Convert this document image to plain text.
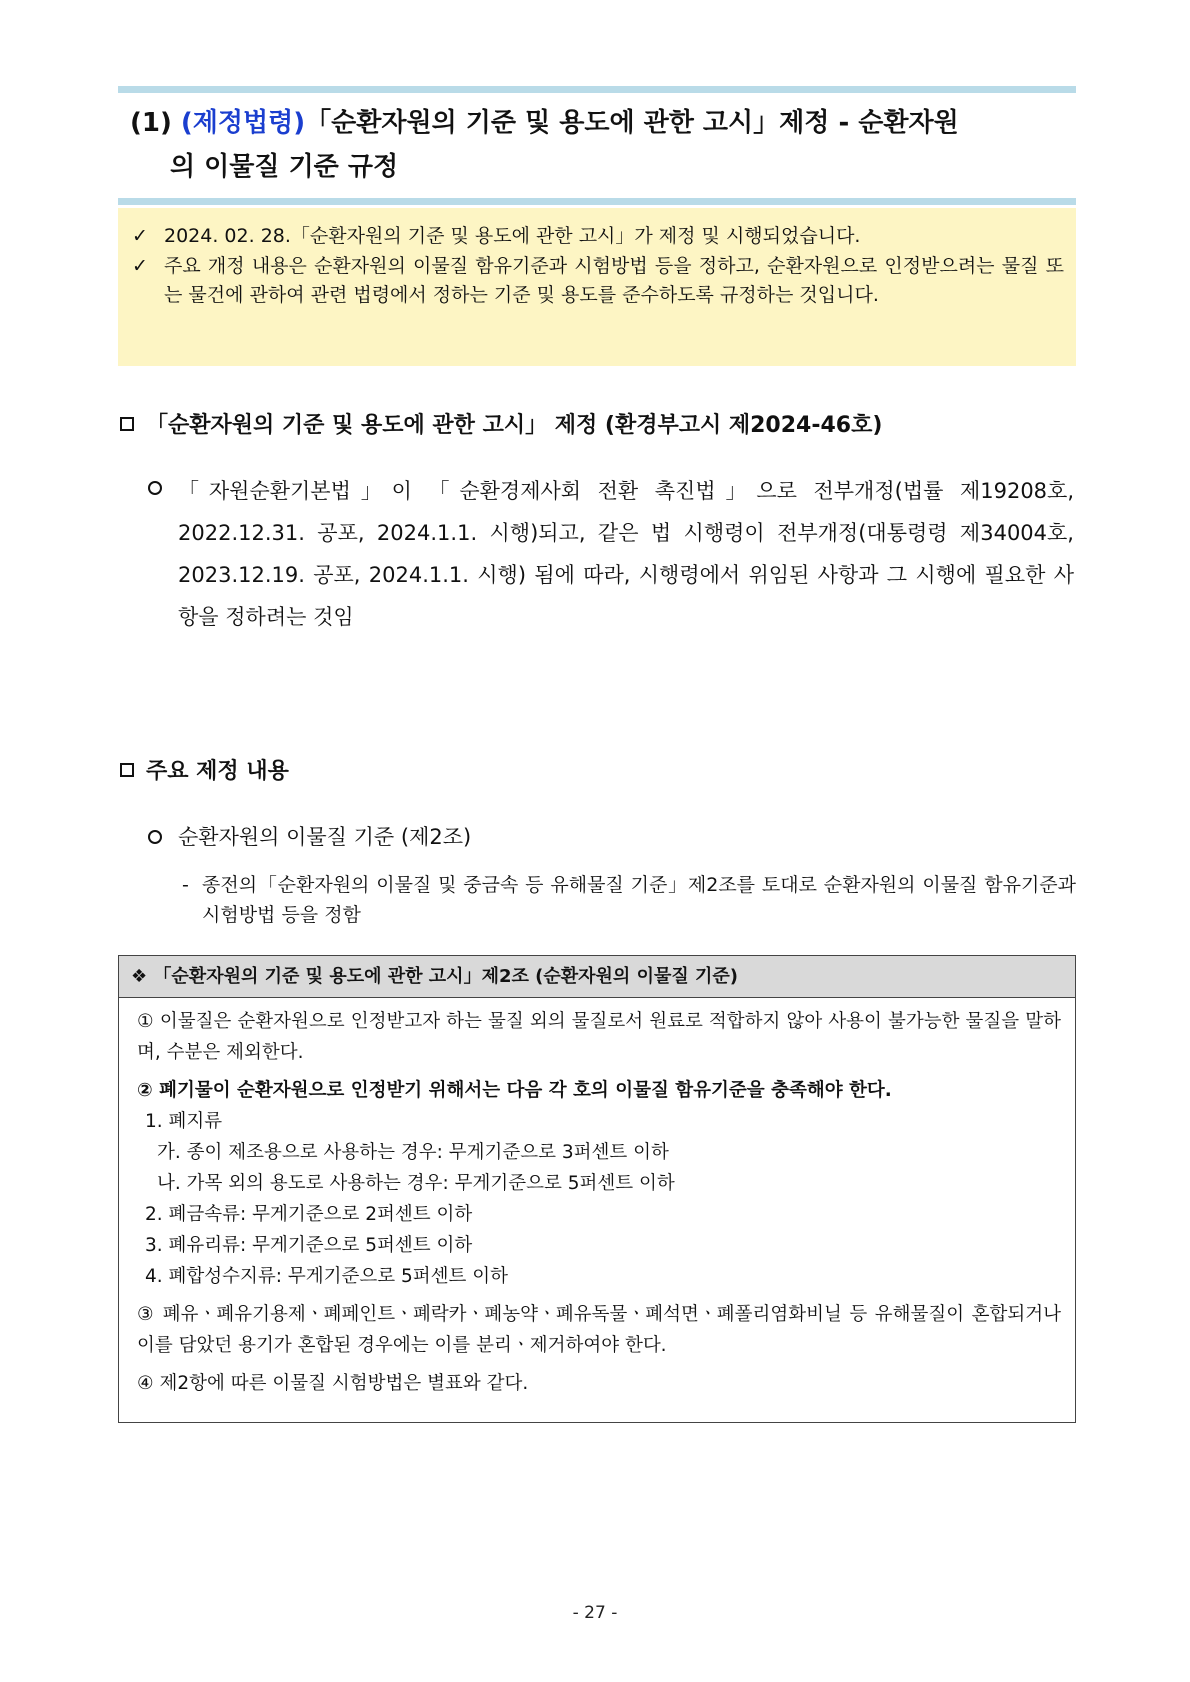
(1) (제정법령)「순환자원의 기준 및 용도에 관한 고시」제정 - 순환자원
의 이물질 기준 규정
✓ 2024. 02. 28.「순환자원의 기준 및 용도에 관한 고시」가 제정 및 시행되었습니다.
✓ 주요 개정 내용은 순환자원의 이물질 함유기준과 시험방법 등을 정하고, 순환자원으로 인정받으려는 물질 또는 물건에 관하여 관련 법령에서 정하는 기준 및 용도를 준수하도록 규정하는 것입니다.
「순환자원의 기준 및 용도에 관한 고시」 제정 (환경부고시 제2024-46호)
「자원순환기본법」이 「순환경제사회 전환 촉진법」으로 전부개정(법률 제19208호, 2022.12.31. 공포, 2024.1.1. 시행)되고, 같은 법 시행령이 전부개정(대통령령 제34004호, 2023.12.19. 공포, 2024.1.1. 시행) 됨에 따라, 시행령에서 위임된 사항과 그 시행에 필요한 사항을 정하려는 것임
주요 제정 내용
순환자원의 이물질 기준 (제2조)
- 종전의「순환자원의 이물질 및 중금속 등 유해물질 기준」제2조를 토대로 순환자원의 이물질 함유기준과 시험방법 등을 정함
❖ 「순환자원의 기준 및 용도에 관한 고시」제2조 (순환자원의 이물질 기준)
① 이물질은 순환자원으로 인정받고자 하는 물질 외의 물질로서 원료로 적합하지 않아 사용이 불가능한 물질을 말하며, 수분은 제외한다.
② 폐기물이 순환자원으로 인정받기 위해서는 다음 각 호의 이물질 함유기준을 충족해야 한다.
1. 폐지류
가. 종이 제조용으로 사용하는 경우: 무게기준으로 3퍼센트 이하
나. 가목 외의 용도로 사용하는 경우: 무게기준으로 5퍼센트 이하
2. 폐금속류: 무게기준으로 2퍼센트 이하
3. 폐유리류: 무게기준으로 5퍼센트 이하
4. 폐합성수지류: 무게기준으로 5퍼센트 이하
③ 폐유ㆍ폐유기용제ㆍ폐페인트ㆍ폐락카ㆍ폐농약ㆍ폐유독물ㆍ폐석면ㆍ폐폴리염화비닐 등 유해물질이 혼합되거나 이를 담았던 용기가 혼합된 경우에는 이를 분리ㆍ제거하여야 한다.
④ 제2항에 따른 이물질 시험방법은 별표와 같다.
- 27 -
